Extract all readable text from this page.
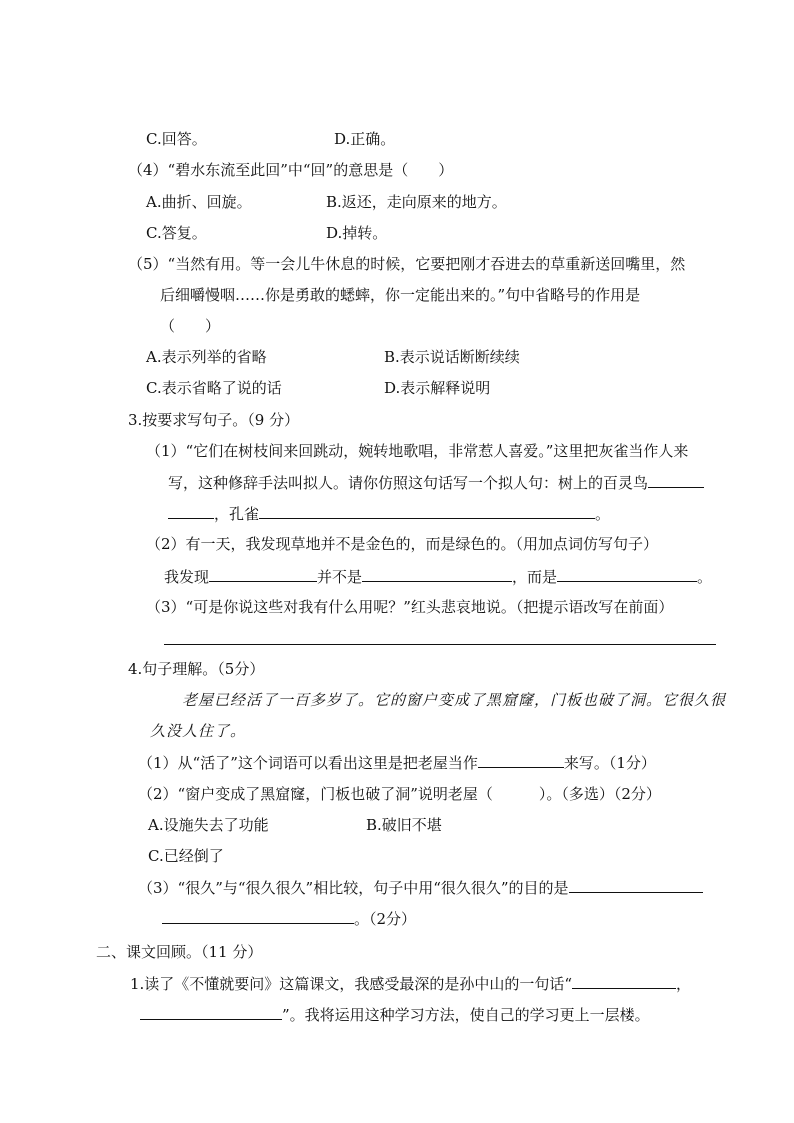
C.回答。	D.正确。
（4）“碧水东流至此回”中“回”的意思是（　　）
A.曲折、回旋。	B.返还，走向原来的地方。
C.答复。	D.掉转。
（5）“当然有用。等一会儿牛休息的时候，它要把刚才吞进去的草重新送回嘴里，然
后细嚼慢咽……你是勇敢的蟋蟀，你一定能出来的。”句中省略号的作用是
（　　）
A.表示列举的省略	B.表示说话断断续续
C.表示省略了说的话	D.表示解释说明
3.按要求写句子。（9 分）
（1）“它们在树枝间来回跳动，婉转地歌唱，非常惹人喜爱。”这里把灰雀当作人来
写，这种修辞手法叫拟人。请你仿照这句话写一个拟人句：树上的百灵鸟
，孔雀	。
（2）有一天，我发现草地并不是金色的，而是绿色的。（用加点词仿写句子）
我发现	并不是	，而是	。
（3）“可是你说这些对我有什么用呢？”红头悲哀地说。（把提示语改写在前面）
4.句子理解。（5分）
老屋已经活了一百多岁了。它的窗户变成了黑窟窿，门板也破了洞。它很久很
久没人住了。
（1）从“活了”这个词语可以看出这里是把老屋当作	来写。（1分）
（2）“窗户变成了黑窟窿，门板也破了洞”说明老屋（	）。（多选）（2分）
A.设施失去了功能	B.破旧不堪
C.已经倒了
（3）“很久”与“很久很久”相比较，句子中用“很久很久”的目的是
。（2分）
二、课文回顾。（11 分）
1.读了《不懂就要问》这篇课文，我感受最深的是孙中山的一句话“	，
”。我将运用这种学习方法，使自己的学习更上一层楼。
